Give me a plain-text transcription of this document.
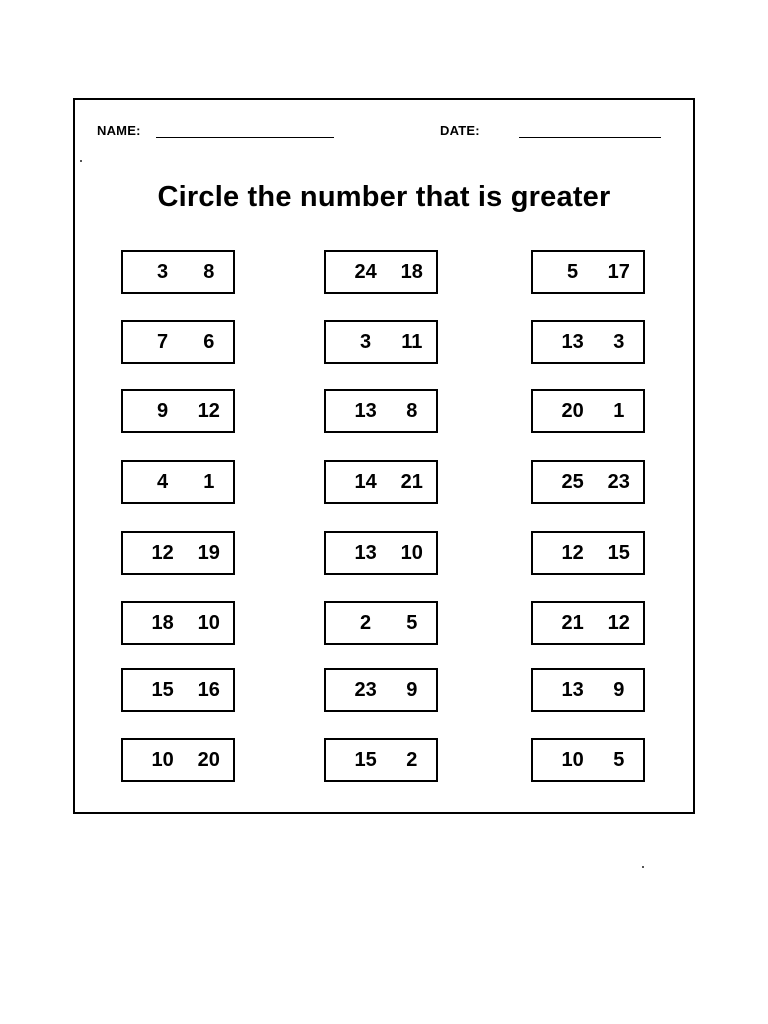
NAME:	DATE:
Circle the number that is greater
3 8
7 6
9 12
4 1
12 19
18 10
15 16
10 20
24 18
3 11
13 8
14 21
13 10
2 5
23 9
15 2
5 17
13 3
20 1
25 23
12 15
21 12
13 9
10 5
